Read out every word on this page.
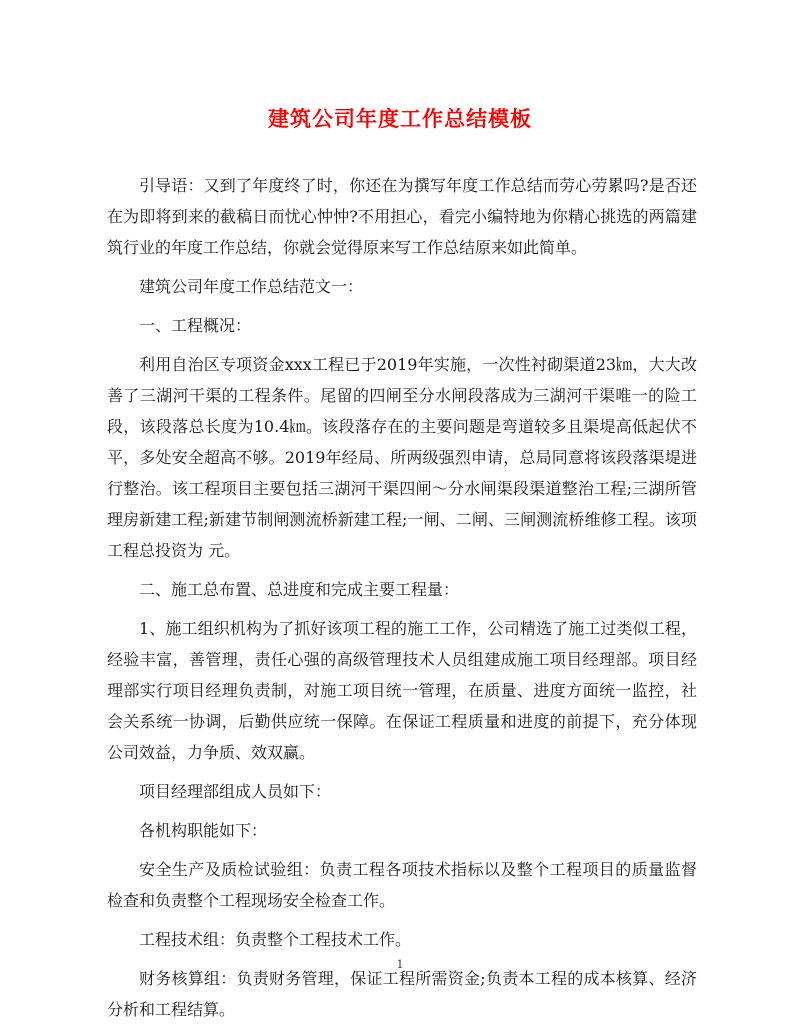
建筑公司年度工作总结模板

引导语：又到了年度终了时，你还在为撰写年度工作总结而劳心劳累吗?是否还在为即将到来的截稿日而忧心忡忡?不用担心，看完小编特地为你精心挑选的两篇建筑行业的年度工作总结，你就会觉得原来写工作总结原来如此简单。

建筑公司年度工作总结范文一：

一、工程概况：

利用自治区专项资金xxx工程已于2019年实施，一次性衬砌渠道23㎞，大大改善了三湖河干渠的工程条件。尾留的四闸至分水闸段落成为三湖河干渠唯一的险工段，该段落总长度为10.4㎞。该段落存在的主要问题是弯道较多且渠堤高低起伏不平，多处安全超高不够。2019年经局、所两级强烈申请，总局同意将该段落渠堤进行整治。该工程项目主要包括三湖河干渠四闸～分水闸渠段渠道整治工程;三湖所管理房新建工程;新建节制闸测流桥新建工程;一闸、二闸、三闸测流桥维修工程。该项工程总投资为 元。

二、施工总布置、总进度和完成主要工程量：

1、施工组织机构为了抓好该项工程的施工工作，公司精选了施工过类似工程，经验丰富，善管理，责任心强的高级管理技术人员组建成施工项目经理部。项目经理部实行项目经理负责制，对施工项目统一管理，在质量、进度方面统一监控，社会关系统一协调，后勤供应统一保障。在保证工程质量和进度的前提下，充分体现公司效益，力争质、效双赢。

项目经理部组成人员如下：

各机构职能如下：

安全生产及质检试验组：负责工程各项技术指标以及整个工程项目的质量监督检查和负责整个工程现场安全检查工作。

工程技术组：负责整个工程技术工作。

财务核算组：负责财务管理，保证工程所需资金;负责本工程的成本核算、经济分析和工程结算。

1
